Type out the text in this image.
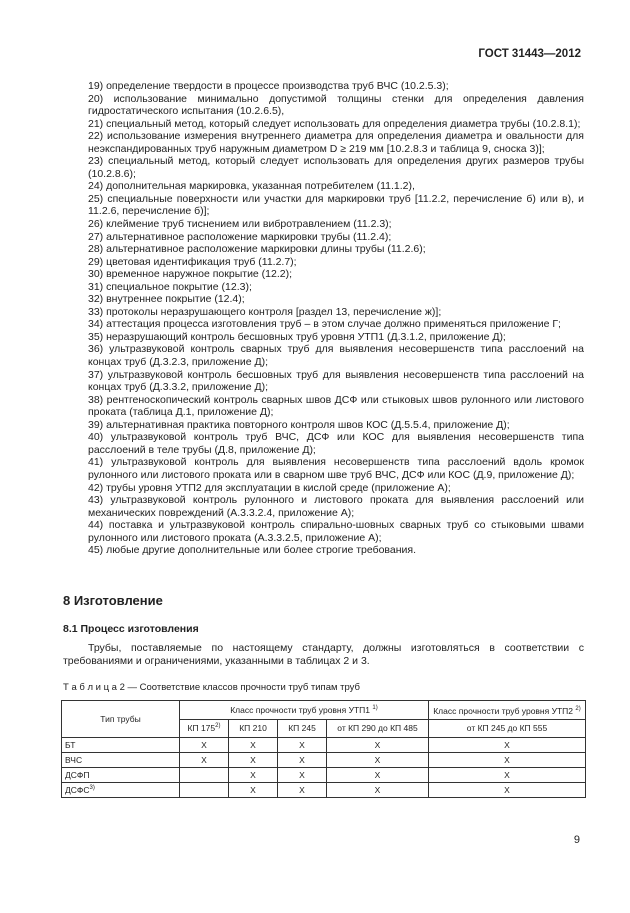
ГОСТ 31443—2012
19) определение твердости в процессе производства труб ВЧС (10.2.5.3);
20) использование минимально допустимой толщины стенки для определения давления гидростатического испытания (10.2.6.5),
21) специальный метод, который следует использовать для определения диаметра трубы (10.2.8.1);
22) использование измерения внутреннего диаметра для определения диаметра и овальности для неэкспандированных труб наружным диаметром D ≥ 219 мм [10.2.8.3 и таблица 9, сноска 3)];
23) специальный метод, который следует использовать для определения других размеров трубы (10.2.8.6);
24) дополнительная маркировка, указанная потребителем (11.1.2),
25) специальные поверхности или участки для маркировки труб [11.2.2, перечисление б) или в), и 11.2.6, перечисление б)];
26) клеймение труб тиснением или вибротравлением (11.2.3);
27) альтернативное расположение маркировки трубы (11.2.4);
28) альтернативное расположение маркировки длины трубы (11.2.6);
29) цветовая идентификация труб (11.2.7);
30) временное наружное покрытие (12.2);
31) специальное покрытие (12.3);
32) внутреннее покрытие (12.4);
33) протоколы неразрушающего контроля [раздел 13, перечисление ж)];
34) аттестация процесса изготовления труб – в этом случае должно применяться приложение Г;
35) неразрушающий контроль бесшовных труб уровня УТП1 (Д.3.1.2, приложение Д);
36) ультразвуковой контроль сварных труб для выявления несовершенств типа расслоений на концах труб (Д.3.2.3, приложение Д);
37) ультразвуковой контроль бесшовных труб для выявления несовершенств типа расслоений на концах труб (Д.3.3.2, приложение Д);
38) рентгеноскопический контроль сварных швов ДСФ или стыковых швов рулонного или листового проката (таблица Д.1, приложение Д);
39) альтернативная практика повторного контроля швов КОС (Д.5.5.4, приложение Д);
40) ультразвуковой контроль труб ВЧС, ДСФ или КОС для выявления несовершенств типа расслоений в теле трубы (Д.8, приложение Д);
41) ультразвуковой контроль для выявления несовершенств типа расслоений вдоль кромок рулонного или листового проката или в сварном шве труб ВЧС, ДСФ или КОС (Д.9, приложение Д);
42) трубы уровня УТП2 для эксплуатации в кислой среде (приложение А);
43) ультразвуковой контроль рулонного и листового проката для выявления расслоений или механических повреждений (А.3.3.2.4, приложение А);
44) поставка и ультразвуковой контроль спирально-шовных сварных труб со стыковыми швами рулонного или листового проката (А.3.3.2.5, приложение А);
45) любые другие дополнительные или более строгие требования.
8 Изготовление
8.1 Процесс изготовления
Трубы, поставляемые по настоящему стандарту, должны изготовляться в соответствии с требованиями и ограничениями, указанными в таблицах 2 и 3.
Т а б л и ц а 2 — Соответствие классов прочности труб типам труб
Тип трубы	Класс прочности труб уровня УТП1 $^{1)}$				Класс прочности труб уровня УТП2 $^{2)}$
	КП 175$^{2)}$	КП 210	КП 245	от КП 290 до КП 485	от КП 245 до КП 555
БТ	Х	Х	Х	Х	Х
ВЧС	Х	Х	Х	Х	Х
ДСФП		Х	Х	Х	Х
ДСФС$^{3)}$		Х	Х	Х	Х
9
